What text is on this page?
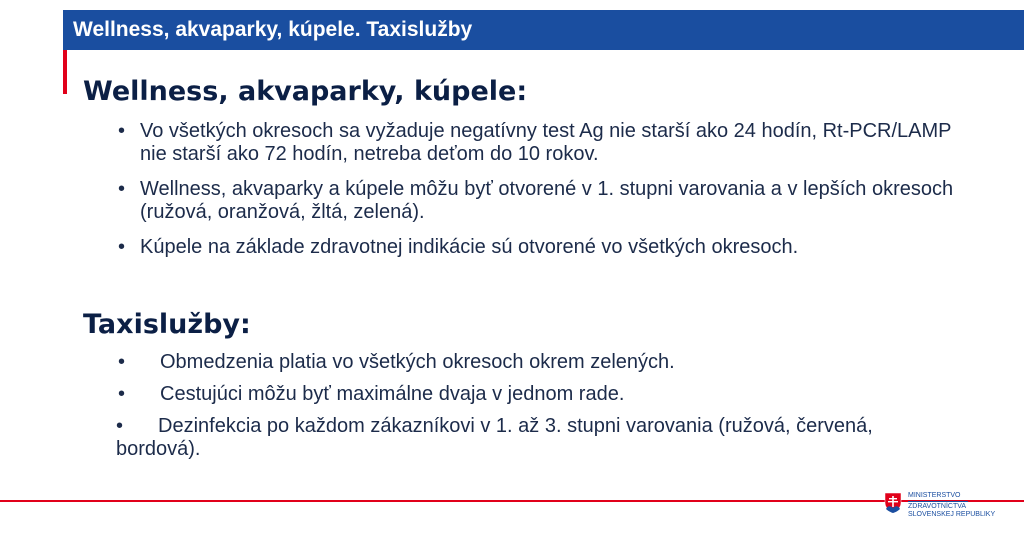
Wellness, akvaparky, kúpele. Taxislužby
Wellness, akvaparky, kúpele:
• Vo všetkých okresoch sa vyžaduje negatívny test Ag nie starší ako 24 hodín, Rt-PCR/LAMP nie starší ako 72 hodín, netreba deťom do 10 rokov.
• Wellness, akvaparky a kúpele môžu byť otvorené v 1. stupni varovania a v lepších okresoch (ružová, oranžová, žltá, zelená).
• Kúpele na základe zdravotnej indikácie sú otvorené vo všetkých okresoch.
Taxislužby:
• Obmedzenia platia vo všetkých okresoch okrem zelených.
• Cestujúci môžu byť maximálne dvaja v jednom rade.
• Dezinfekcia po každom zákazníkovi v 1. až 3. stupni varovania (ružová, červená, bordová).
MINISTERSTVO
ZDRAVOTNÍCTVA
SLOVENSKEJ REPUBLIKY
